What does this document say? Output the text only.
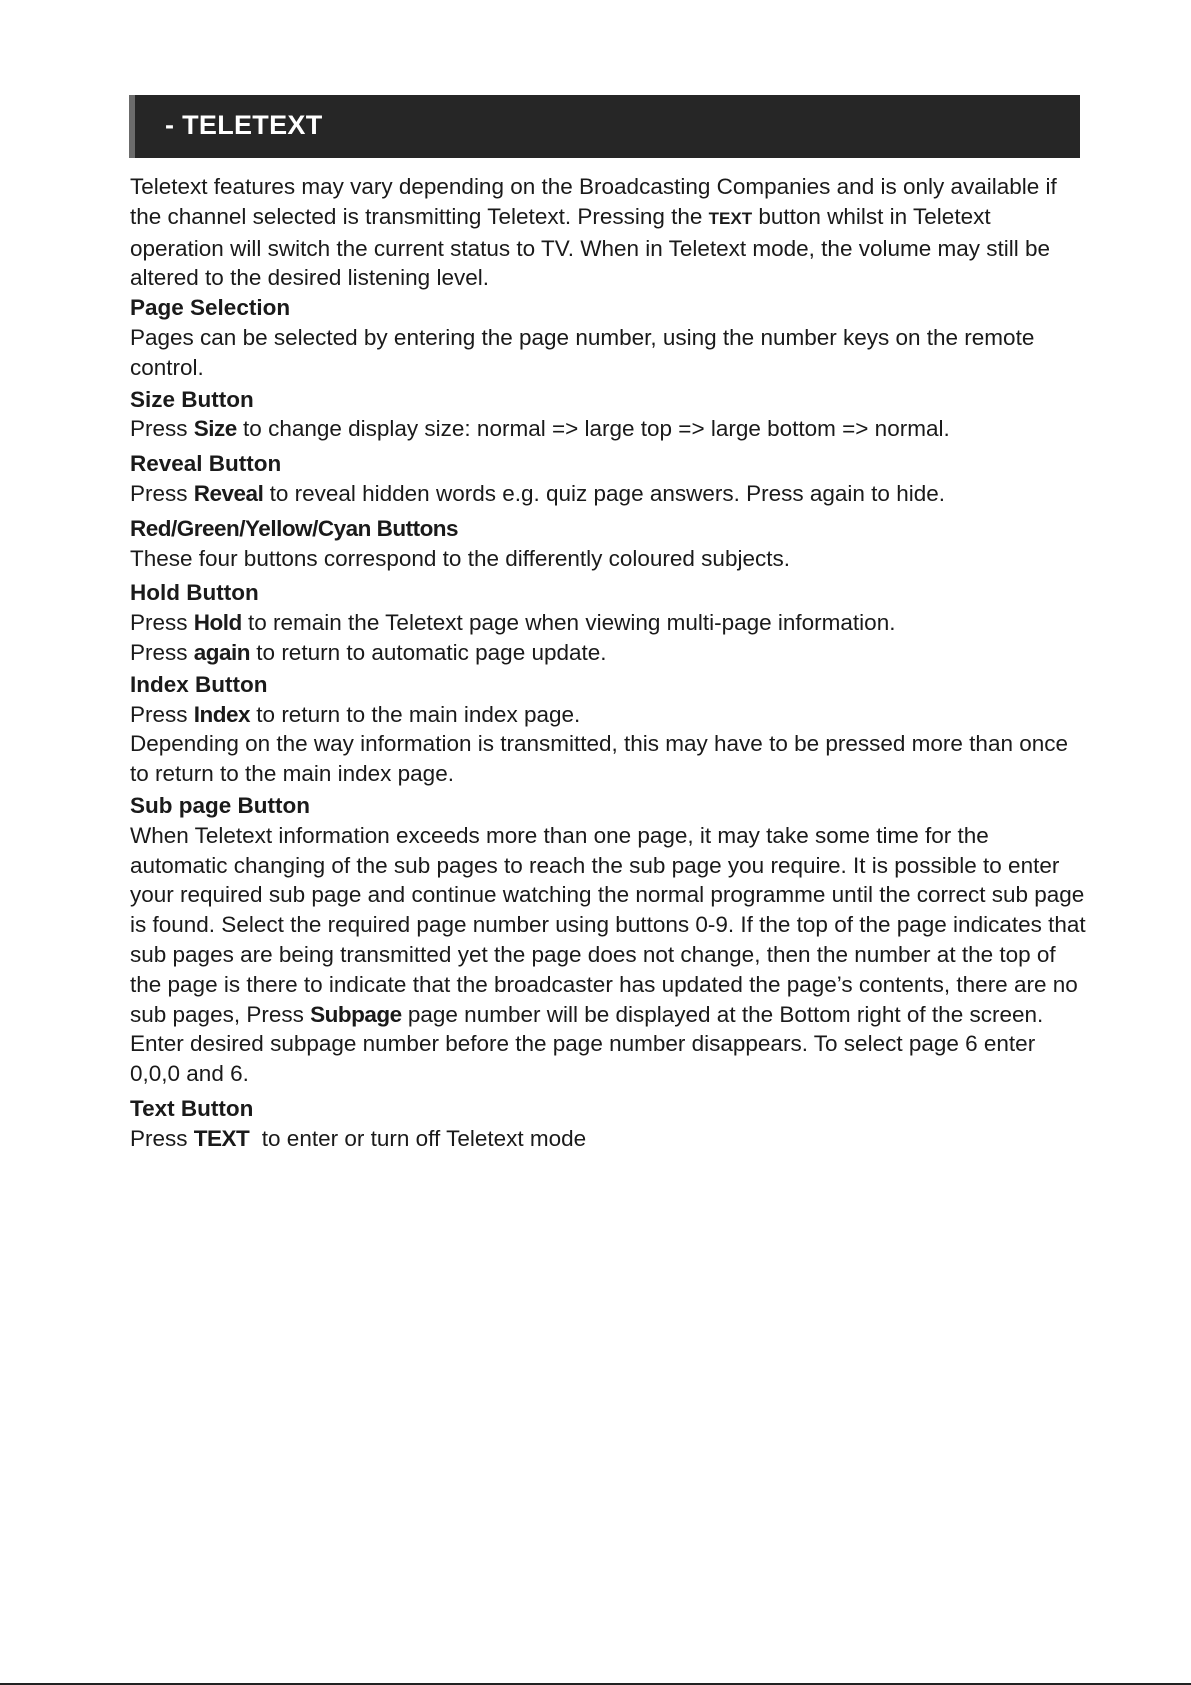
- TELETEXT

Teletext features may vary depending on the Broadcasting Companies and is only available if the channel selected is transmitting Teletext. Pressing the TEXT button whilst in Teletext operation will switch the current status to TV. When in Teletext mode, the volume may still be altered to the desired listening level.

Page Selection

Pages can be selected by entering the page number, using the number keys on the remote control.

Size Button

Press Size to change display size: normal => large top => large bottom => normal.

Reveal Button

Press Reveal to reveal hidden words e.g. quiz page answers. Press again to hide.

Red/Green/Yellow/Cyan Buttons

These four buttons correspond to the differently coloured subjects.

Hold Button

Press Hold to remain the Teletext page when viewing multi-page information.

Press again to return to automatic page update.

Index Button

Press Index to return to the main index page.

Depending on the way information is transmitted, this may have to be pressed more than once to return to the main index page.

Sub page Button

When Teletext information exceeds more than one page, it may take some time for the automatic changing of the sub pages to reach the sub page you require. It is possible to enter your required sub page and continue watching the normal programme until the correct sub page is found. Select the required page number using buttons 0-9. If the top of the page indicates that sub pages are being transmitted yet the page does not change, then the number at the top of the page is there to indicate that the broadcaster has updated the page’s contents, there are no sub pages, Press Subpage page number will be displayed at the Bottom right of the screen. Enter desired subpage number before the page number disappears. To select page 6 enter 0,0,0 and 6.

Text Button

Press TEXT  to enter or turn off Teletext mode
